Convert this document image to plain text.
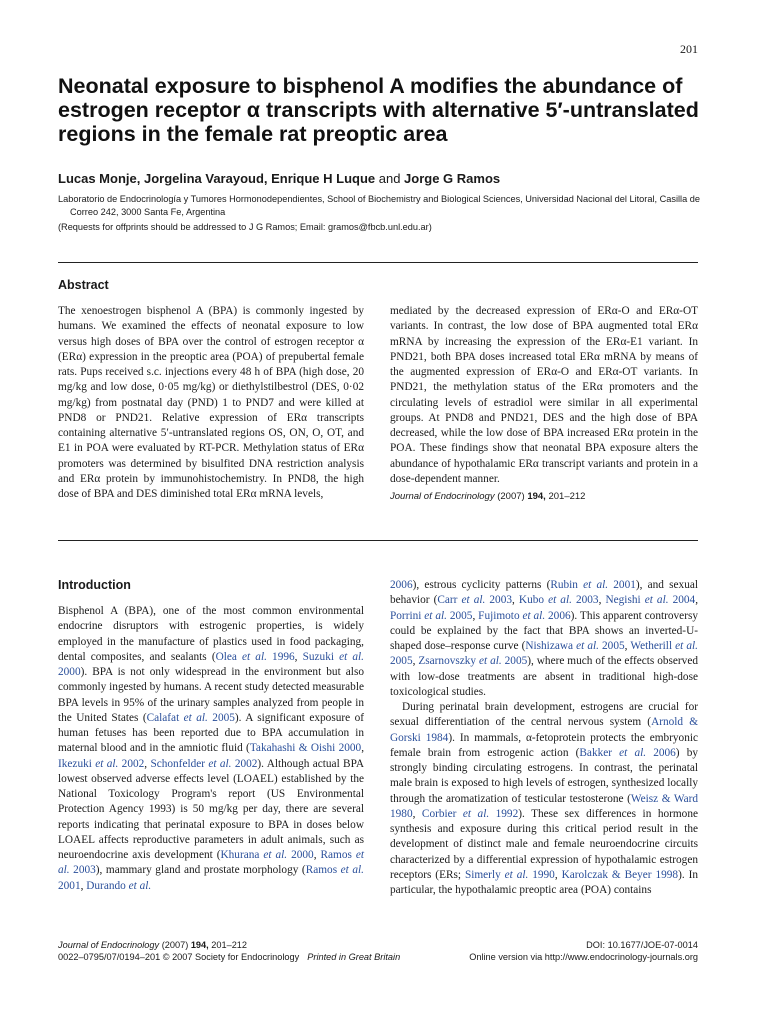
201
Neonatal exposure to bisphenol A modifies the abundance of estrogen receptor α transcripts with alternative 5′-untranslated regions in the female rat preoptic area

Lucas Monje, Jorgelina Varayoud, Enrique H Luque and Jorge G Ramos

Laboratorio de Endocrinología y Tumores Hormonodependientes, School of Biochemistry and Biological Sciences, Universidad Nacional del Litoral, Casilla de Correo 242, 3000 Santa Fe, Argentina

(Requests for offprints should be addressed to J G Ramos; Email: gramos@fbcb.unl.edu.ar)

Abstract

The xenoestrogen bisphenol A (BPA) is commonly ingested by humans. We examined the effects of neonatal exposure to low versus high doses of BPA over the control of estrogen receptor α (ERα) expression in the preoptic area (POA) of prepubertal female rats. Pups received s.c. injections every 48 h of BPA (high dose, 20 mg/kg and low dose, 0·05 mg/kg) or diethylstilbestrol (DES, 0·02 mg/kg) from postnatal day (PND) 1 to PND7 and were killed at PND8 or PND21. Relative expression of ERα transcripts containing alternative 5′-untranslated regions OS, ON, O, OT, and E1 in POA were evaluated by RT-PCR. Methylation status of ERα promoters was determined by bisulfited DNA restriction analysis and ERα protein by immunohistochemistry. In PND8, the high dose of BPA and DES diminished total ERα mRNA levels,

mediated by the decreased expression of ERα-O and ERα-OT variants. In contrast, the low dose of BPA augmented total ERα mRNA by increasing the expression of the ERα-E1 variant. In PND21, both BPA doses increased total ERα mRNA by means of the augmented expression of ERα-O and ERα-OT variants. In PND21, the methylation status of the ERα promoters and the circulating levels of estradiol were similar in all experimental groups. At PND8 and PND21, DES and the high dose of BPA decreased, while the low dose of BPA increased ERα protein in the POA. These findings show that neonatal BPA exposure alters the abundance of hypothalamic ERα transcript variants and protein in a dose-dependent manner.

Journal of Endocrinology (2007) 194, 201–212

Introduction

Bisphenol A (BPA), one of the most common environmental endocrine disruptors with estrogenic properties, is widely employed in the manufacture of plastics used in food packaging, dental composites, and sealants (Olea et al. 1996, Suzuki et al. 2000). BPA is not only widespread in the environment but also commonly ingested by humans. A recent study detected measurable BPA levels in 95% of the urinary samples analyzed from people in the United States (Calafat et al. 2005). A significant exposure of human fetuses has been reported due to BPA accumulation in maternal blood and in the amniotic fluid (Takahashi & Oishi 2000, Ikezuki et al. 2002, Schonfelder et al. 2002). Although actual BPA lowest observed adverse effects level (LOAEL) established by the National Toxicology Program's report (US Environmental Protection Agency 1993) is 50 mg/kg per day, there are several reports indicating that perinatal exposure to BPA in doses below LOAEL affects reproductive parameters in adult animals, such as neuroendocrine axis development (Khurana et al. 2000, Ramos et al. 2003), mammary gland and prostate morphology (Ramos et al. 2001, Durando et al.

2006), estrous cyclicity patterns (Rubin et al. 2001), and sexual behavior (Carr et al. 2003, Kubo et al. 2003, Negishi et al. 2004, Porrini et al. 2005, Fujimoto et al. 2006). This apparent controversy could be explained by the fact that BPA shows an inverted-U-shaped dose–response curve (Nishizawa et al. 2005, Wetherill et al. 2005, Zsarnovszky et al. 2005), where much of the effects observed with low-dose treatments are absent in traditional high-dose toxicological studies.

During perinatal brain development, estrogens are crucial for sexual differentiation of the central nervous system (Arnold & Gorski 1984). In mammals, α-fetoprotein protects the embryonic female brain from estrogenic action (Bakker et al. 2006) by strongly binding circulating estrogens. In contrast, the perinatal male brain is exposed to high levels of estrogen, synthesized locally through the aromatization of testicular testosterone (Weisz & Ward 1980, Corbier et al. 1992). These sex differences in hormone synthesis and exposure during this critical period result in the development of distinct male and female neuroendocrine circuits characterized by a differential expression of hypothalamic estrogen receptors (ERs; Simerly et al. 1990, Karolczak & Beyer 1998). In particular, the hypothalamic preoptic area (POA) contains

Journal of Endocrinology (2007) 194, 201–212
0022–0795/07/0194–201 © 2007 Society for Endocrinology Printed in Great Britain

DOI: 10.1677/JOE-07-0014
Online version via http://www.endocrinology-journals.org
